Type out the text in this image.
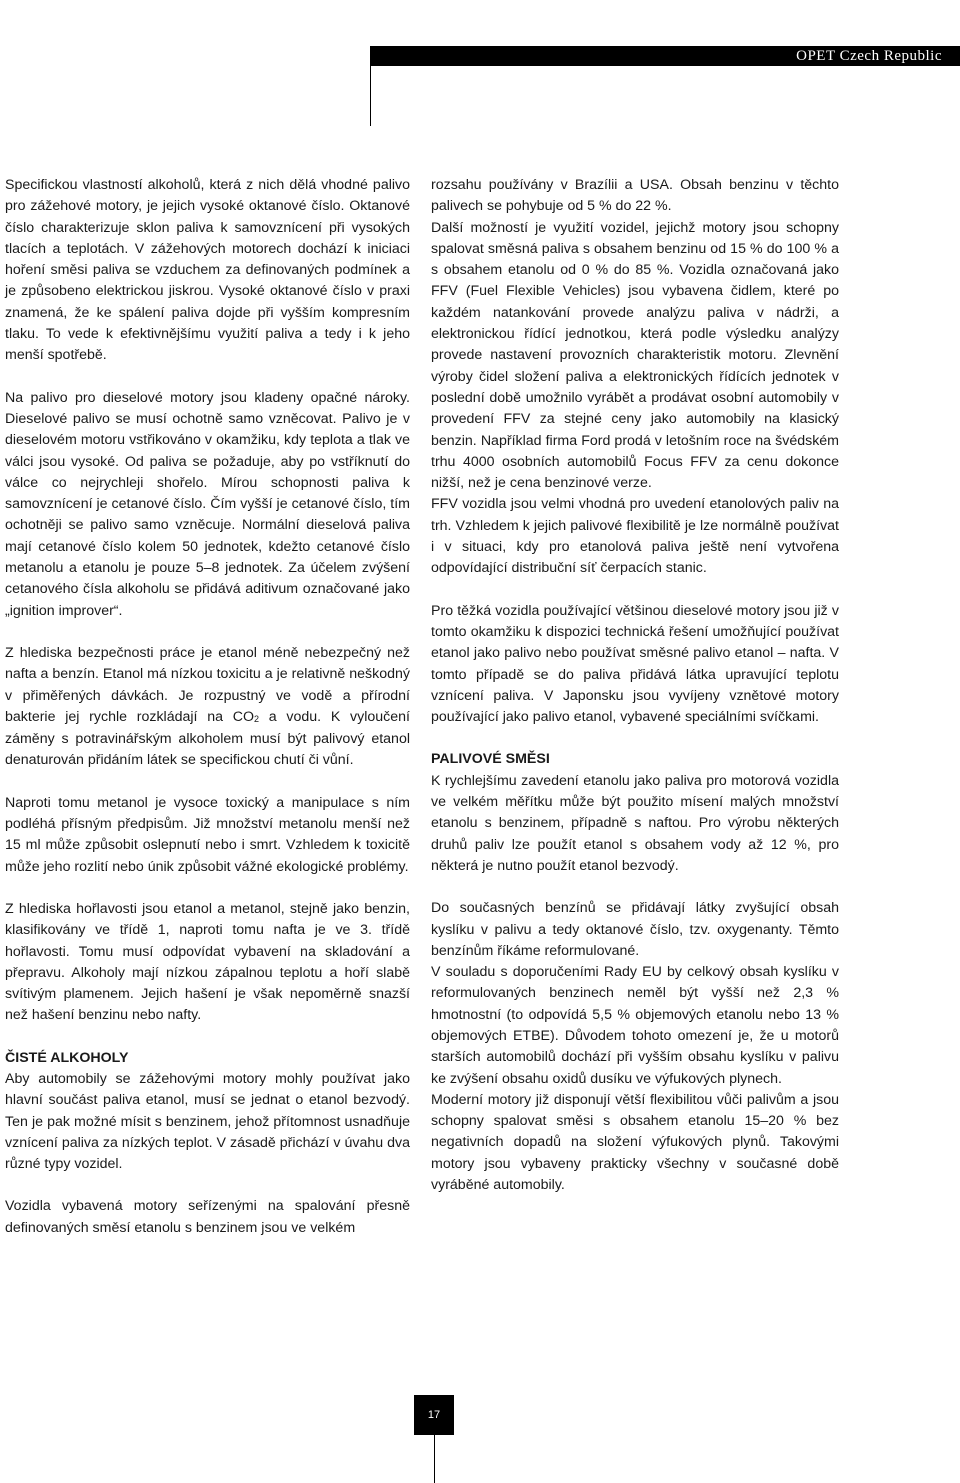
OPET Czech Republic

Specifickou vlastností alkoholů, která z nich dělá vhodné palivo pro zážehové motory, je jejich vysoké oktanové číslo. Oktanové číslo charakterizuje sklon paliva k samovznícení při vysokých tlacích a teplotách. V zážehových motorech dochází k iniciaci hoření směsi paliva se vzduchem za definovaných podmínek a je způsobeno elektrickou jiskrou. Vysoké oktanové číslo v praxi znamená, že ke spálení paliva dojde při vyšším kompresním tlaku. To vede k efektivnějšímu využití paliva a tedy i k jeho menší spotřebě.

Na palivo pro dieselové motory jsou kladeny opačné nároky. Dieselové palivo se musí ochotně samo vzněcovat. Palivo je v dieselovém motoru vstřikováno v okamžiku, kdy teplota a tlak ve válci jsou vysoké. Od paliva se požaduje, aby po vstříknutí do válce co nejrychleji shořelo. Mírou schopnosti paliva k samovznícení je cetanové číslo. Čím vyšší je cetanové číslo, tím ochotněji se palivo samo vzněcuje. Normální dieselová paliva mají cetanové číslo kolem 50 jednotek, kdežto cetanové číslo metanolu a etanolu je pouze 5–8 jednotek. Za účelem zvýšení cetanového čísla alkoholu se přidává aditivum označované jako „ignition improver“.

Z hlediska bezpečnosti práce je etanol méně nebezpečný než nafta a benzín. Etanol má nízkou toxicitu a je relativně neškodný v přiměřených dávkách. Je rozpustný ve vodě a přírodní bakterie jej rychle rozkládají na $CO_2$ a vodu. K vyloučení záměny s potravinářským alkoholem musí být palivový etanol denaturován přidáním látek se specifickou chutí či vůní.

Naproti tomu metanol je vysoce toxický a manipulace s ním podléhá přísným předpisům. Již množství metanolu menší než 15 ml může způsobit oslepnutí nebo i smrt. Vzhledem k toxicitě může jeho rozlití nebo únik způsobit vážné ekologické problémy.

Z hlediska hořlavosti jsou etanol a metanol, stejně jako benzin, klasifikovány ve třídě 1, naproti tomu nafta je ve 3. třídě hořlavosti. Tomu musí odpovídat vybavení na skladování a přepravu. Alkoholy mají nízkou zápalnou teplotu a hoří slabě svítivým plamenem. Jejich hašení je však nepoměrně snazší než hašení benzinu nebo nafty.

ČISTÉ ALKOHOLY

Aby automobily se zážehovými motory mohly používat jako hlavní součást paliva etanol, musí se jednat o etanol bezvodý. Ten je pak možné mísit s benzinem, jehož přítomnost usnadňuje vznícení paliva za nízkých teplot. V zásadě přichází v úvahu dva různé typy vozidel.

Vozidla vybavená motory seřízenými na spalování přesně definovaných směsí etanolu s benzinem jsou ve velkém

rozsahu používány v Brazílii a USA. Obsah benzinu v těchto palivech se pohybuje od 5 % do 22 %.

Další možností je využití vozidel, jejichž motory jsou schopny spalovat směsná paliva s obsahem benzinu od 15 % do 100 % a s obsahem etanolu od 0 % do 85 %. Vozidla označovaná jako FFV (Fuel Flexible Vehicles) jsou vybavena čidlem, které po každém natankování provede analýzu paliva v nádrži, a elektronickou řídící jednotkou, která podle výsledku analýzy provede nastavení provozních charakteristik motoru. Zlevnění výroby čidel složení paliva a elektronických řídících jednotek v poslední době umožnilo vyrábět a prodávat osobní automobily v provedení FFV za stejné ceny jako automobily na klasický benzin. Například firma Ford prodá v letošním roce na švédském trhu 4000 osobních automobilů Focus FFV za cenu dokonce nižší, než je cena benzinové verze.

FFV vozidla jsou velmi vhodná pro uvedení etanolových paliv na trh. Vzhledem k jejich palivové flexibilitě je lze normálně používat i v situaci, kdy pro etanolová paliva ještě není vytvořena odpovídající distribuční síť čerpacích stanic.

Pro těžká vozidla používající většinou dieselové motory jsou již v tomto okamžiku k dispozici technická řešení umožňující používat etanol jako palivo nebo používat směsné palivo etanol – nafta. V tomto případě se do paliva přidává látka upravující teplotu vznícení paliva. V Japonsku jsou vyvíjeny vznětové motory používající jako palivo etanol, vybavené speciálními svíčkami.

PALIVOVÉ SMĚSI

K rychlejšímu zavedení etanolu jako paliva pro motorová vozidla ve velkém měřítku může být použito mísení malých množství etanolu s benzinem, případně s naftou. Pro výrobu některých druhů paliv lze použít etanol s obsahem vody až 12 %, pro některá je nutno použít etanol bezvodý.

Do současných benzínů se přidávají látky zvyšující obsah kyslíku v palivu a tedy oktanové číslo, tzv. oxygenanty. Těmto benzínům říkáme reformulované.

V souladu s doporučeními Rady EU by celkový obsah kyslíku v reformulovaných benzinech neměl být vyšší než 2,3 % hmotnostní (to odpovídá 5,5 % objemových etanolu nebo 13 % objemových ETBE). Důvodem tohoto omezení je, že u motorů starších automobilů dochází při vyšším obsahu kyslíku v palivu ke zvýšení obsahu oxidů dusíku ve výfukových plynech.

Moderní motory již disponují větší flexibilitou vůči palivům a jsou schopny spalovat směsi s obsahem etanolu 15–20 % bez negativních dopadů na složení výfukových plynů. Takovými motory jsou vybaveny prakticky všechny v současné době vyráběné automobily.

17
